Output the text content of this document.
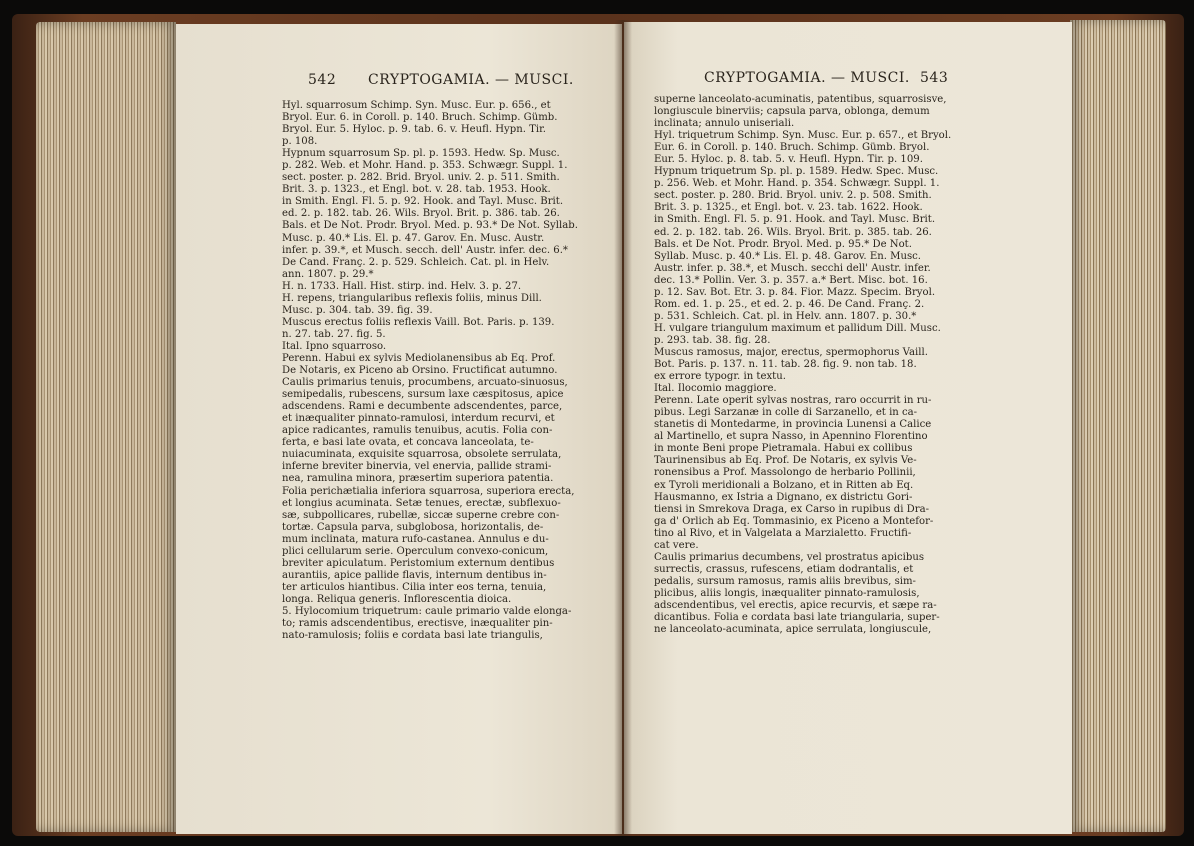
542 CRYPTOGAMIA. — MUSCI.
Hyl. squarrosum Schimp. Syn. Musc. Eur. p. 656., et
Bryol. Eur. 6. in Coroll. p. 140. Bruch. Schimp. Gümb.
Bryol. Eur. 5. Hyloc. p. 9. tab. 6. v. Heufl. Hypn. Tir.
p. 108.
Hypnum squarrosum Sp. pl. p. 1593. Hedw. Sp. Musc.
p. 282. Web. et Mohr. Hand. p. 353. Schwægr. Suppl. 1.
sect. poster. p. 282. Brid. Bryol. univ. 2. p. 511. Smith.
Brit. 3. p. 1323., et Engl. bot. v. 28. tab. 1953. Hook.
in Smith. Engl. Fl. 5. p. 92. Hook. and Tayl. Musc. Brit.
ed. 2. p. 182. tab. 26. Wils. Bryol. Brit. p. 386. tab. 26.
Bals. et De Not. Prodr. Bryol. Med. p. 93.* De Not. Syllab.
Musc. p. 40.* Lis. El. p. 47. Garov. En. Musc. Austr.
infer. p. 39.*, et Musch. secch. dell' Austr. infer. dec. 6.*
De Cand. Franç. 2. p. 529. Schleich. Cat. pl. in Helv.
ann. 1807. p. 29.*
H. n. 1733. Hall. Hist. stirp. ind. Helv. 3. p. 27.
H. repens, triangularibus reflexis foliis, minus Dill.
Musc. p. 304. tab. 39. fig. 39.
Muscus erectus foliis reflexis Vaill. Bot. Paris. p. 139.
n. 27. tab. 27. fig. 5.
Ital. Ipno squarroso.
Perenn. Habui ex sylvis Mediolanensibus ab Eq. Prof.
De Notaris, ex Piceno ab Orsino. Fructificat autumno.
Caulis primarius tenuis, procumbens, arcuato-sinuosus,
semipedalis, rubescens, sursum laxe cæspitosus, apice
adscendens. Rami e decumbente adscendentes, parce,
et inæqualiter pinnato-ramulosi, interdum recurvi, et
apice radicantes, ramulis tenuibus, acutis. Folia con-
ferta, e basi late ovata, et concava lanceolata, te-
nuiacuminata, exquisite squarrosa, obsolete serrulata,
inferne breviter binervia, vel enervia, pallide strami-
nea, ramulina minora, præsertim superiora patentia.
Folia perichætialia inferiora squarrosa, superiora erecta,
et longius acuminata. Setæ tenues, erectæ, subflexuo-
sæ, subpollicares, rubellæ, siccæ superne crebre con-
tortæ. Capsula parva, subglobosa, horizontalis, de-
mum inclinata, matura rufo-castanea. Annulus e du-
plici cellularum serie. Operculum convexo-conicum,
breviter apiculatum. Peristomium externum dentibus
aurantiis, apice pallide flavis, internum dentibus in-
ter articulos hiantibus. Cilia inter eos terna, tenuia,
longa. Reliqua generis. Inflorescentia dioica.
5. Hylocomium triquetrum: caule primario valde elonga-
to; ramis adscendentibus, erectisve, inæqualiter pin-
nato-ramulosis; foliis e cordata basi late triangulis,
CRYPTOGAMIA. — MUSCI. 543
superne lanceolato-acuminatis, patentibus, squarrosisve,
longiuscule binerviis; capsula parva, oblonga, demum
inclinata; annulo uniseriali.
Hyl. triquetrum Schimp. Syn. Musc. Eur. p. 657., et Bryol.
Eur. 6. in Coroll. p. 140. Bruch. Schimp. Gümb. Bryol.
Eur. 5. Hyloc. p. 8. tab. 5. v. Heufl. Hypn. Tir. p. 109.
Hypnum triquetrum Sp. pl. p. 1589. Hedw. Spec. Musc.
p. 256. Web. et Mohr. Hand. p. 354. Schwægr. Suppl. 1.
sect. poster. p. 280. Brid. Bryol. univ. 2. p. 508. Smith.
Brit. 3. p. 1325., et Engl. bot. v. 23. tab. 1622. Hook.
in Smith. Engl. Fl. 5. p. 91. Hook. and Tayl. Musc. Brit.
ed. 2. p. 182. tab. 26. Wils. Bryol. Brit. p. 385. tab. 26.
Bals. et De Not. Prodr. Bryol. Med. p. 95.* De Not.
Syllab. Musc. p. 40.* Lis. El. p. 48. Garov. En. Musc.
Austr. infer. p. 38.*, et Musch. secchi dell' Austr. infer.
dec. 13.* Pollin. Ver. 3. p. 357. a.* Bert. Misc. bot. 16.
p. 12. Sav. Bot. Etr. 3. p. 84. Fior. Mazz. Specim. Bryol.
Rom. ed. 1. p. 25., et ed. 2. p. 46. De Cand. Franç. 2.
p. 531. Schleich. Cat. pl. in Helv. ann. 1807. p. 30.*
H. vulgare triangulum maximum et pallidum Dill. Musc.
p. 293. tab. 38. fig. 28.
Muscus ramosus, major, erectus, spermophorus Vaill.
Bot. Paris. p. 137. n. 11. tab. 28. fig. 9. non tab. 18.
ex errore typogr. in textu.
Ital. Ilocomio maggiore.
Perenn. Late operit sylvas nostras, raro occurrit in ru-
pibus. Legi Sarzanæ in colle di Sarzanello, et in ca-
stanetis di Montedarme, in provincia Lunensi a Calice
al Martinello, et supra Nasso, in Apennino Florentino
in monte Beni prope Pietramala. Habui ex collibus
Taurinensibus ab Eq. Prof. De Notaris, ex sylvis Ve-
ronensibus a Prof. Massolongo de herbario Pollinii,
ex Tyroli meridionali a Bolzano, et in Ritten ab Eq.
Hausmanno, ex Istria a Dignano, ex districtu Gori-
tiensi in Smrekova Draga, ex Carso in rupibus di Dra-
ga d' Orlich ab Eq. Tommasinio, ex Piceno a Montefor-
tino al Rivo, et in Valgelata a Marzialetto. Fructifi-
cat vere.
Caulis primarius decumbens, vel prostratus apicibus
surrectis, crassus, rufescens, etiam dodrantalis, et
pedalis, sursum ramosus, ramis aliis brevibus, sim-
plicibus, aliis longis, inæqualiter pinnato-ramulosis,
adscendentibus, vel erectis, apice recurvis, et sæpe ra-
dicantibus. Folia e cordata basi late triangularia, super-
ne lanceolato-acuminata, apice serrulata, longiuscule,
